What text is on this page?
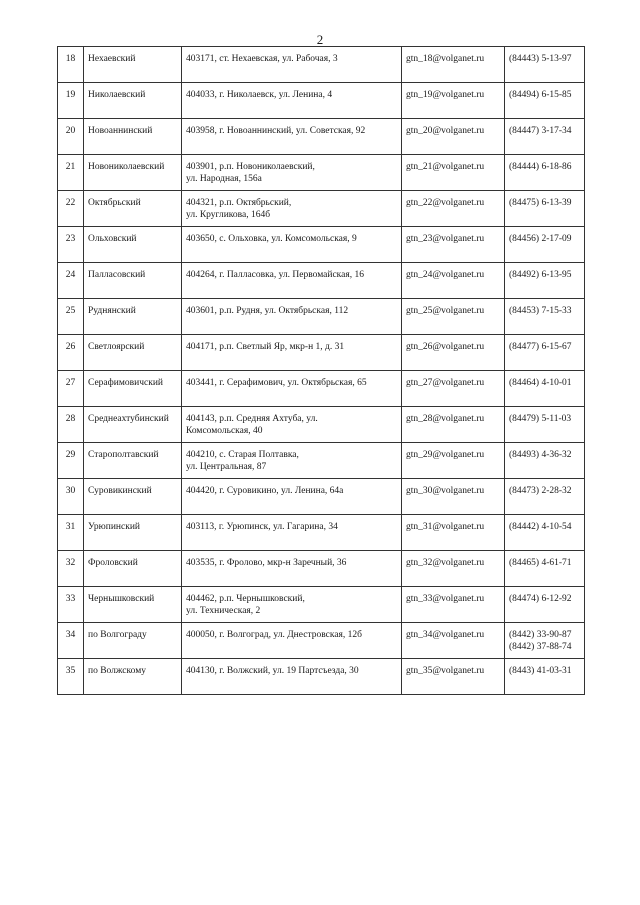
2
18	Нехаевский	403171, ст. Нехаевская, ул. Рабочая, 3	gtn_18@volganet.ru	(84443) 5-13-97

19	Николаевский	404033, г. Николаевск, ул. Ленина, 4	gtn_19@volganet.ru	(84494) 6-15-85

20	Новоаннинский	403958, г. Новоаннинский, ул. Советская, 92	gtn_20@volganet.ru	(84447) 3-17-34

21	Новониколаевский	403901, р.п. Новониколаевский,
ул. Народная, 156а	gtn_21@volganet.ru	(84444) 6-18-86

22	Октябрьский	404321, р.п. Октябрьский,
ул. Кругликова, 164б	gtn_22@volganet.ru	(84475) 6-13-39

23	Ольховский	403650, с. Ольховка, ул. Комсомольская, 9	gtn_23@volganet.ru	(84456) 2-17-09

24	Палласовский	404264, г. Палласовка, ул. Первомайская, 16	gtn_24@volganet.ru	(84492) 6-13-95

25	Руднянский	403601, р.п. Рудня, ул. Октябрьская, 112	gtn_25@volganet.ru	(84453) 7-15-33

26	Светлоярский	404171, р.п. Светлый Яр, мкр-н 1, д. 31	gtn_26@volganet.ru	(84477) 6-15-67

27	Серафимовичский	403441, г. Серафимович, ул. Октябрьская, 65	gtn_27@volganet.ru	(84464) 4-10-01

28	Среднеахтубинский	404143, р.п. Средняя Ахтуба, ул.
Комсомольская, 40	gtn_28@volganet.ru	(84479) 5-11-03

29	Старополтавский	404210, с. Старая Полтавка,
ул. Центральная, 87	gtn_29@volganet.ru	(84493) 4-36-32

30	Суровикинский	404420, г. Суровикино, ул. Ленина, 64а	gtn_30@volganet.ru	(84473) 2-28-32

31	Урюпинский	403113, г. Урюпинск, ул. Гагарина, 34	gtn_31@volganet.ru	(84442) 4-10-54

32	Фроловский	403535, г. Фролово, мкр-н Заречный, 36	gtn_32@volganet.ru	(84465) 4-61-71

33	Чернышковский	404462, р.п. Чернышковский,
ул. Техническая, 2	gtn_33@volganet.ru	(84474) 6-12-92

34	по Волгограду	400050, г. Волгоград, ул. Днестровская, 12б	gtn_34@volganet.ru	(8442) 33-90-87
(8442) 37-88-74

35	по Волжскому	404130, г. Волжский, ул. 19 Партсъезда, 30	gtn_35@volganet.ru	(8443) 41-03-31
